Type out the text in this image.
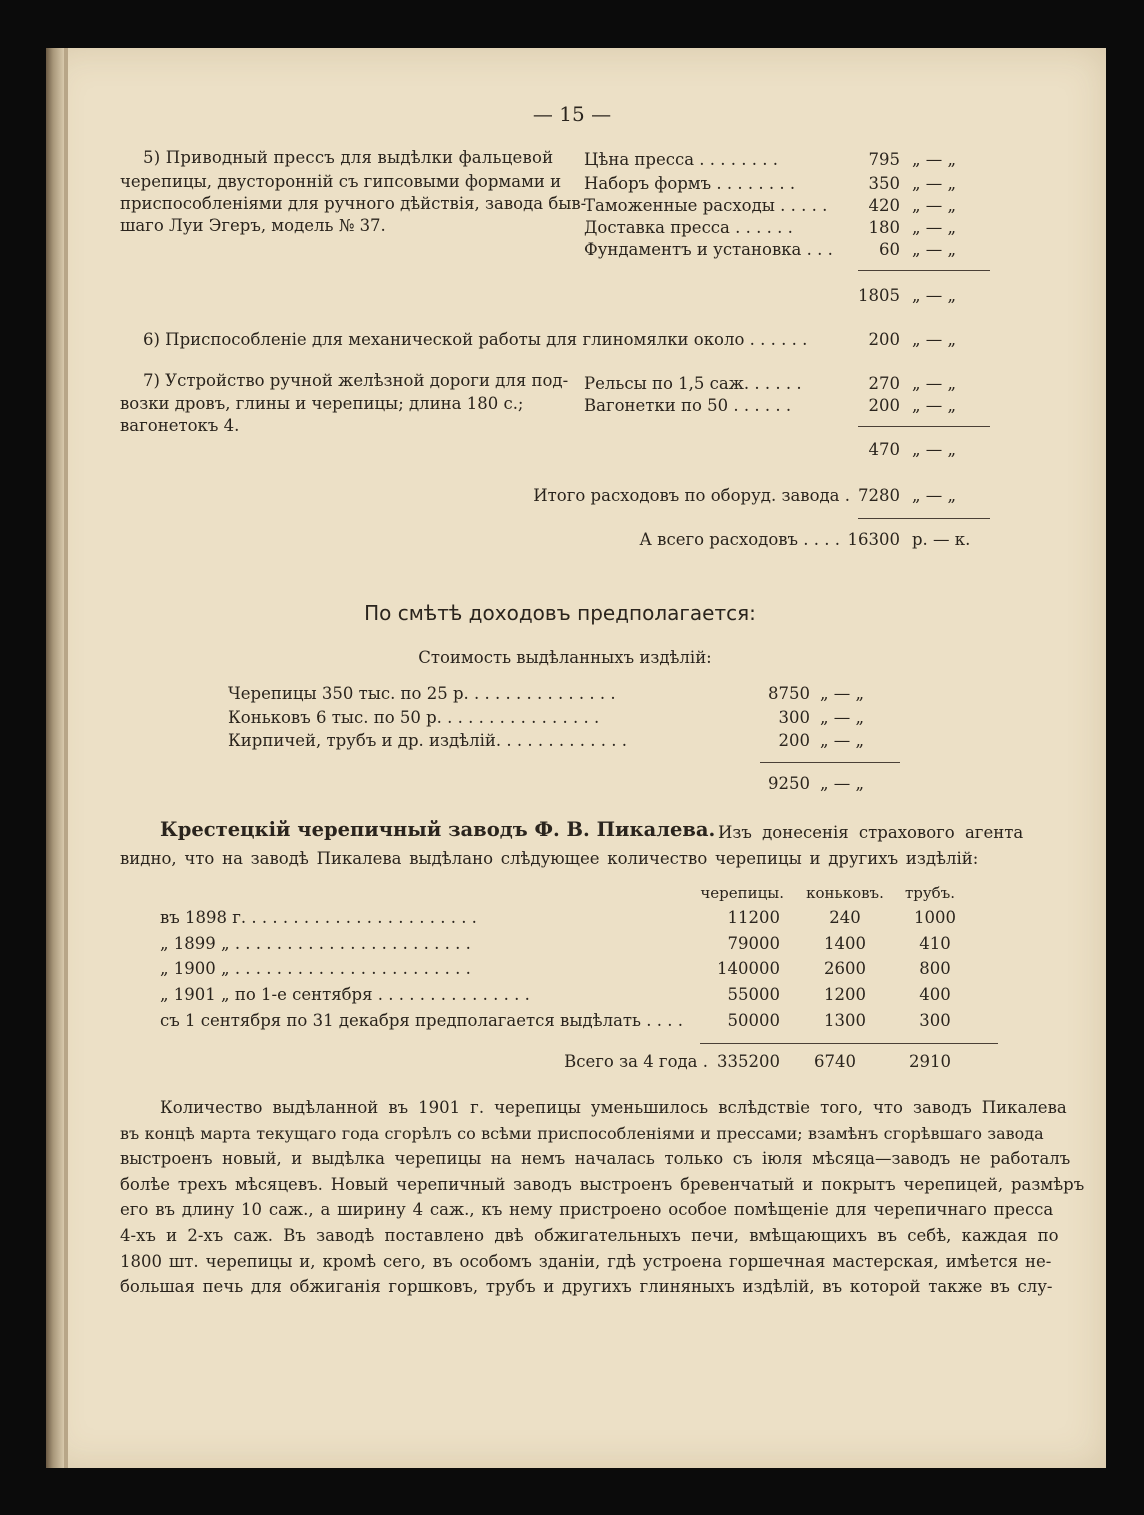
— 15 —
5) Приводный прессъ для выдѣлки фальцевой
черепицы, двусторонній съ гипсовыми формами и
приспособленіями для ручного дѣйствія, завода быв-
шаго Луи Эгеръ, модель № 37.
Цѣна пресса . . . . . . . .	795 „ — „
Наборъ формъ . . . . . . . .	350 „ — „
Таможенные расходы . . . . .	420 „ — „
Доставка пресса . . . . . .	180 „ — „
Фундаментъ и установка . . .	60 „ — „
1805 „ — „
6) Приспособленіе для механической работы для глиномялки около . . . . . .	200 „ — „
7) Устройство ручной желѣзной дороги для под-
возки дровъ, глины и черепицы; длина 180 с.;
вагонетокъ 4.
Рельсы по 1,5 саж. . . . . .	270 „ — „
Вагонетки по 50 . . . . . .	200 „ — „
470 „ — „
Итого расходовъ по оборуд. завода . 7280 „ — „
А всего расходовъ . . . . 16300 р. — к.
По смѣтѣ доходовъ предполагается:
Стоимость выдѣланныхъ издѣлій:
Черепицы 350 тыс. по 25 р. . . . . . . . . . . . . . .	8750 „ — „
Коньковъ 6 тыс. по 50 р. . . . . . . . . . . . . . . .	300 „ — „
Кирпичей, трубъ и др. издѣлій. . . . . . . . . . . . .	200 „ — „
9250 „ — „
Крестецкій черепичный заводъ Ф. В. Пикалева. Изъ донесенія страхового агента
видно, что на заводѣ Пикалева выдѣлано слѣдующее количество черепицы и другихъ издѣлій:
черепицы.	коньковъ.	трубъ.
въ 1898 г. . . . . . . . . . . . . . . . . . . . . . .	11200	240	1000
„ 1899 „ . . . . . . . . . . . . . . . . . . . . . . .	79000	1400	410
„ 1900 „ . . . . . . . . . . . . . . . . . . . . . . .	140000	2600	800
„ 1901 „ по 1-е сентября . . . . . . . . . . . . . . .	55000	1200	400
съ 1 сентября по 31 декабря предполагается выдѣлать . . . .	50000	1300	300
Всего за 4 года . 335200	6740	2910
Количество выдѣланной въ 1901 г. черепицы уменьшилось вслѣдствіе того, что заводъ Пикалева
въ концѣ марта текущаго года сгорѣлъ со всѣми приспособленіями и прессами; взамѣнъ сгорѣвшаго завода
выстроенъ новый, и выдѣлка черепицы на немъ началась только съ іюля мѣсяца—заводъ не работалъ
болѣе трехъ мѣсяцевъ. Новый черепичный заводъ выстроенъ бревенчатый и покрытъ черепицей, размѣръ
его въ длину 10 саж., а ширину 4 саж., къ нему пристроено особое помѣщеніе для черепичнаго пресса
4-хъ и 2-хъ саж. Въ заводѣ поставлено двѣ обжигательныхъ печи, вмѣщающихъ въ себѣ, каждая по
1800 шт. черепицы и, кромѣ сего, въ особомъ зданіи, гдѣ устроена горшечная мастерская, имѣется не-
большая печь для обжиганія горшковъ, трубъ и другихъ глиняныхъ издѣлій, въ которой также въ слу-
